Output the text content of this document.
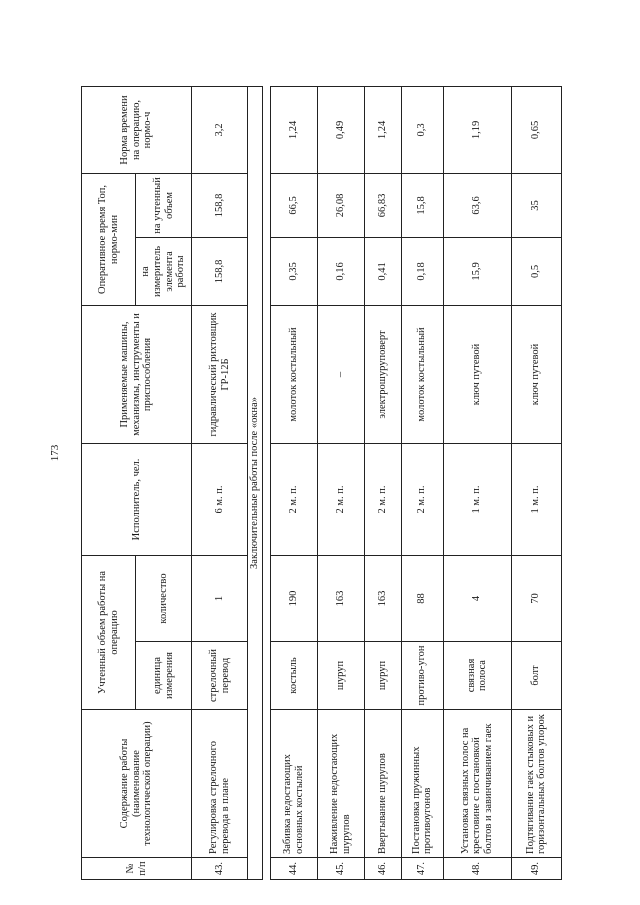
173
№ п/п	Содержание работы (наименование технологической операции)	Учтенный объем работы на операцию		Исполнитель, чел.	Применяемые машины, механизмы, инструменты и приспособления	Оперативное время Топ, нормо-мин		Норма времени на операцию, нормо-ч
		единица измерения	количество			на измеритель элемента работы	на учтенный объем	
43.	Регулировка стрелочного перевода в плане	стрелочный перевод	1	6 м. п.	гидравлический рихтовщик ГР-12Б	158,8	158,8	3,2
Заключительные работы после «окна»								

44.	Забивка недостающих основных костылей	костыль	190	2 м. п.	молоток костыльный	0,35	66,5	1,24
45.	Наживление недостающих шурупов	шуруп	163	2 м. п.	–	0,16	26,08	0,49
46.	Ввертывание шурупов	шуруп	163	2 м. п.	электрошуруповерт	0,41	66,83	1,24
47.	Постановка пружинных противоугонов	противо-угон	88	2 м. п.	молоток костыльный	0,18	15,8	0,3
48.	Установка связных полос на крестовине с постановкой болтов и завинчиванием гаек	связная полоса	4	1 м. п.	ключ путевой	15,9	63,6	1,19
49.	Подтягивание гаек стыковых и горизонтальных болтов упорок	болт	70	1 м. п.	ключ путевой	0,5	35	0,65
